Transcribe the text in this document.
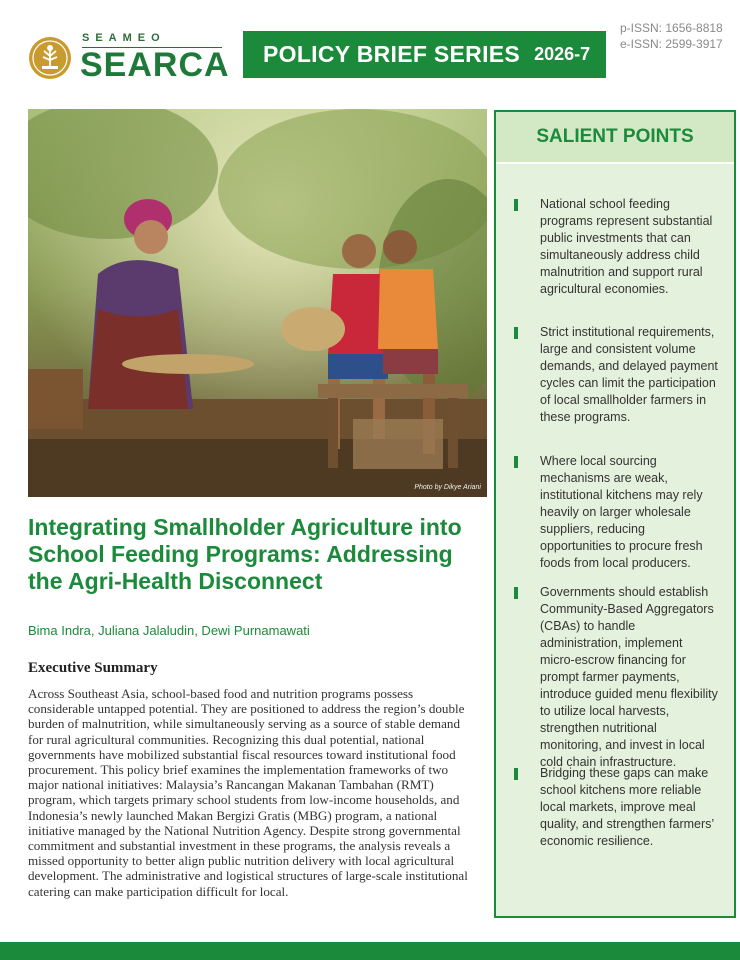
SEAMEO
SEARCA POLICY BRIEF SERIES 2026-7
p-ISSN: 1656-8818
e-ISSN: 2599-3917
Photo by Dikye Ariani
Integrating Smallholder Agriculture into School Feeding Programs: Addressing the Agri-Health Disconnect
Bima Indra, Juliana Jalaludin, Dewi Purnamawati
Executive Summary

Across Southeast Asia, school-based food and nutrition programs possess considerable untapped potential. They are positioned to address the region’s double burden of malnutrition, while simultaneously serving as a source of stable demand for rural agricultural communities. Recognizing this dual potential, national governments have mobilized substantial fiscal resources toward institutional food procurement. This policy brief examines the implementation frameworks of two major national initiatives: Malaysia’s Rancangan Makanan Tambahan (RMT) program, which targets primary school students from low-income households, and Indonesia’s newly launched Makan Bergizi Gratis (MBG) program, a national initiative managed by the National Nutrition Agency. Despite strong governmental commitment and substantial investment in these programs, the analysis reveals a missed opportunity to better align public nutrition delivery with local agricultural development. The administrative and logistical structures of large-scale institutional catering can make participation difficult for local.

SALIENT POINTS
National school feeding programs represent substantial public investments that can simultaneously address child malnutrition and support rural agricultural economies.
Strict institutional requirements, large and consistent volume demands, and delayed payment cycles can limit the participation of local smallholder farmers in these programs.
Where local sourcing mechanisms are weak, institutional kitchens may rely heavily on larger wholesale suppliers, reducing opportunities to procure fresh foods from local producers.
Governments should establish Community-Based Aggregators (CBAs) to handle administration, implement micro-escrow financing for prompt farmer payments, introduce guided menu flexibility to utilize local harvests, strengthen nutritional monitoring, and invest in local cold chain infrastructure.
Bridging these gaps can make school kitchens more reliable local markets, improve meal quality, and strengthen farmers’ economic resilience.
